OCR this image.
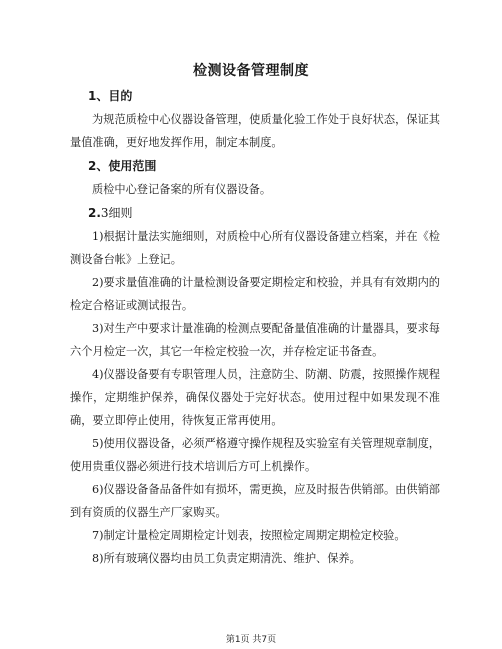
检测设备管理制度

1、目的

为规范质检中心仪器设备管理，使质量化验工作处于良好状态，保证其量值准确，更好地发挥作用，制定本制度。

2、使用范围

质检中心登记备案的所有仪器设备。

2.3细则

1)根据计量法实施细则，对质检中心所有仪器设备建立档案，并在《检测设备台帐》上登记。

2)要求量值准确的计量检测设备要定期检定和校验，并具有有效期内的检定合格证或测试报告。

3)对生产中要求计量准确的检测点要配备量值准确的计量器具，要求每六个月检定一次，其它一年检定校验一次，并存检定证书备查。

4)仪器设备要有专职管理人员，注意防尘、防潮、防震，按照操作规程操作，定期维护保养，确保仪器处于完好状态。使用过程中如果发现不准确，要立即停止使用，待恢复正常再使用。

5)使用仪器设备，必须严格遵守操作规程及实验室有关管理规章制度，使用贵重仪器必须进行技术培训后方可上机操作。

6)仪器设备备品备件如有损坏，需更换，应及时报告供销部。由供销部到有资质的仪器生产厂家购买。

7)制定计量检定周期检定计划表，按照检定周期定期检定校验。

8)所有玻璃仪器均由员工负责定期清洗、维护、保养。

第1页 共7页
